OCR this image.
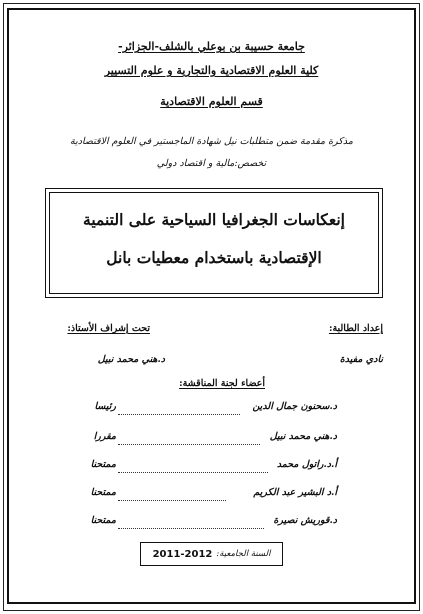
جامعة حسيبة بن بوعلي بالشلف-الجزائر-
كلية العلوم الاقتصادية والتجارية و علوم التسيير
قسم العلوم الاقتصادية
مذكرة مقدمة ضمن متطلبات نيل شهادة الماجستير في العلوم الاقتصادية
تخصص:مالية و اقتصاد دولي
إنعكاسات الجغرافيا السياحية على التنمية
الإقتصادية باستخدام معطيات بانل
إعداد الطالبة:
نادي مفيدة
تحت إشراف الأستاذ:
د.هني محمد نبيل
أعضاء لجنة المناقشة:
د.سحنون جمال الدين
رئيسا
د.هني محمد نبيل
مقررا
أ.د.راتول محمد
ممتحنا
أ.د البشير عبد الكريم
ممتحنا
د.قوريش نصيرة
ممتحنا
السنة الجامعية:
2011-2012
